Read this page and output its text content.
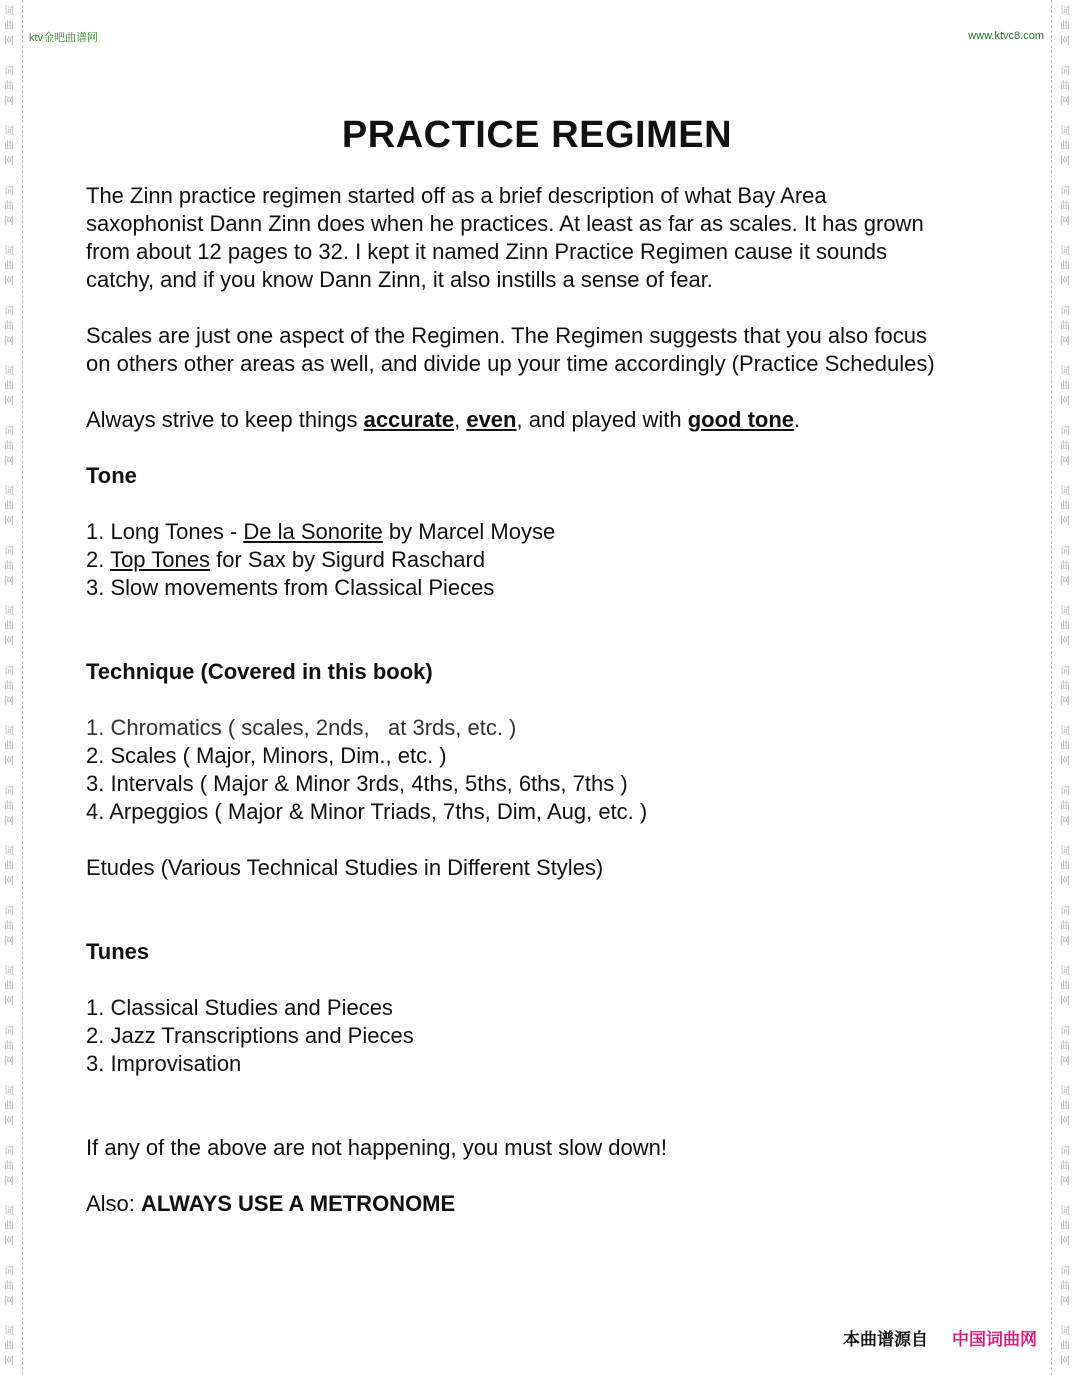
词
曲
网
词
曲
网
词
曲
网
词
曲
网
词
曲
网
词
曲
网
词
曲
网
词
曲
网
词
曲
网
词
曲
网
词
曲
网
词
曲
网
词
曲
网
词
曲
网
词
曲
网
词
曲
网
词
曲
网
词
曲
网
词
曲
网
词
曲
网
词
曲
网
词
曲
网
词
曲
网
词
曲
网
词
曲
网
词
曲
网
词
曲
网
词
曲
网
词
曲
网
词
曲
网
词
曲
网
词
曲
网
词
曲
网
词
曲
网
词
曲
网
词
曲
网
词
曲
网
词
曲
网
词
曲
网
词
曲
网
词
曲
网
词
曲
网
词
曲
网
词
曲
网
词
曲
网
词
曲
网
ktv金吧曲谱网	www.ktvc8.com
PRACTICE REGIMEN

The Zinn practice regimen started off as a brief description of what Bay Area

saxophonist Dann Zinn does when he practices. At least as far as scales. It has grown

from about 12 pages to 32. I kept it named Zinn Practice Regimen cause it sounds

catchy, and if you know Dann Zinn, it also instills a sense of fear.

Scales are just one aspect of the Regimen. The Regimen suggests that you also focus

on others other areas as well, and divide up your time accordingly (Practice Schedules)

Always strive to keep things accurate, even, and played with good tone.

Tone

1. Long Tones - De la Sonorite by Marcel Moyse

2. Top Tones for Sax by Sigurd Raschard

3. Slow movements from Classical Pieces

Technique (Covered in this book)

1. Chromatics ( scales, 2nds,   at 3rds, etc. )

2. Scales ( Major, Minors, Dim., etc. )

3. Intervals ( Major & Minor 3rds, 4ths, 5ths, 6ths, 7ths )

4. Arpeggios ( Major & Minor Triads, 7ths, Dim, Aug, etc. )

Etudes (Various Technical Studies in Different Styles)

Tunes

1. Classical Studies and Pieces

2. Jazz Transcriptions and Pieces

3. Improvisation

If any of the above are not happening, you must slow down!

Also: ALWAYS USE A METRONOME

本曲谱源自 中国词曲网
